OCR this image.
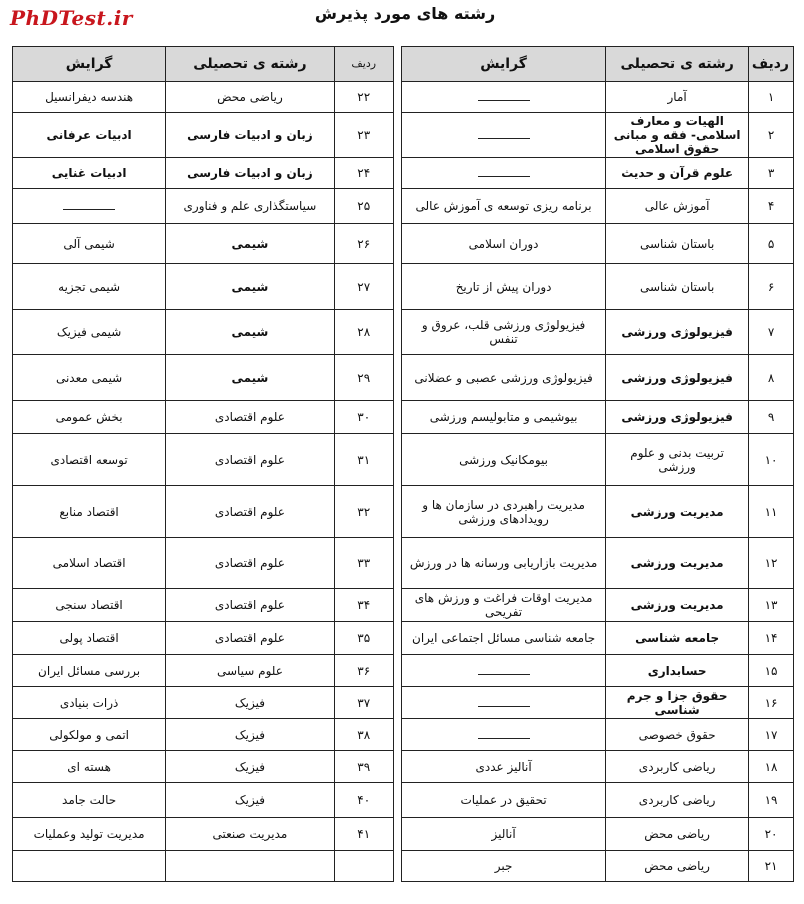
PhDTest.ir	رشته های مورد پذیرش
ردیف	رشته ی تحصیلی	گرایش		ردیف	رشته ی تحصیلی	گرایش
۱	آمار			۲۲	ریاضی محض	هندسه دیفرانسیل
۲	الهیات و معارف اسلامی- فقه و مبانی حقوق اسلامی			۲۳	زبان و ادبیات فارسی	ادبیات عرفانی
۳	علوم قرآن و حدیث			۲۴	زبان و ادبیات فارسی	ادبیات غنایی
۴	آموزش عالی	برنامه ریزی توسعه ی آموزش عالی		۲۵	سیاستگذاری علم و فناوری	
۵	باستان شناسی	دوران اسلامی		۲۶	شیمی	شیمی آلی
۶	باستان شناسی	دوران پیش از تاریخ		۲۷	شیمی	شیمی تجزیه
۷	فیزیولوژی ورزشی	فیزیولوژی ورزشی قلب، عروق و تنفس		۲۸	شیمی	شیمی فیزیک
۸	فیزیولوژی ورزشی	فیزیولوژی ورزشی عصبی و عضلانی		۲۹	شیمی	شیمی معدنی
۹	فیزیولوژی ورزشی	بیوشیمی و متابولیسم ورزشی		۳۰	علوم اقتصادی	بخش عمومی
۱۰	تربیت بدنی و علوم ورزشی	بیومکانیک ورزشی		۳۱	علوم اقتصادی	توسعه اقتصادی
۱۱	مدیریت ورزشی	مدیریت راهبردی در سازمان ها و رویدادهای ورزشی		۳۲	علوم اقتصادی	اقتصاد منابع
۱۲	مدیریت ورزشی	مدیریت بازاریابی ورسانه ها در ورزش		۳۳	علوم اقتصادی	اقتصاد اسلامی
۱۳	مدیریت ورزشی	مدیریت اوقات فراغت و ورزش های تفریحی		۳۴	علوم اقتصادی	اقتصاد سنجی
۱۴	جامعه شناسی	جامعه شناسی مسائل اجتماعی ایران		۳۵	علوم اقتصادی	اقتصاد پولی
۱۵	حسابداری			۳۶	علوم سیاسی	بررسی مسائل ایران
۱۶	حقوق جزا و جرم شناسی			۳۷	فیزیک	ذرات بنیادی
۱۷	حقوق خصوصی			۳۸	فیزیک	اتمی و مولکولی
۱۸	ریاضی کاربردی	آنالیز عددی		۳۹	فیزیک	هسته ای
۱۹	ریاضی کاربردی	تحقیق در عملیات		۴۰	فیزیک	حالت جامد
۲۰	ریاضی محض	آنالیز		۴۱	مدیریت صنعتی	مدیریت تولید وعملیات
۲۱	ریاضی محض	جبر				
